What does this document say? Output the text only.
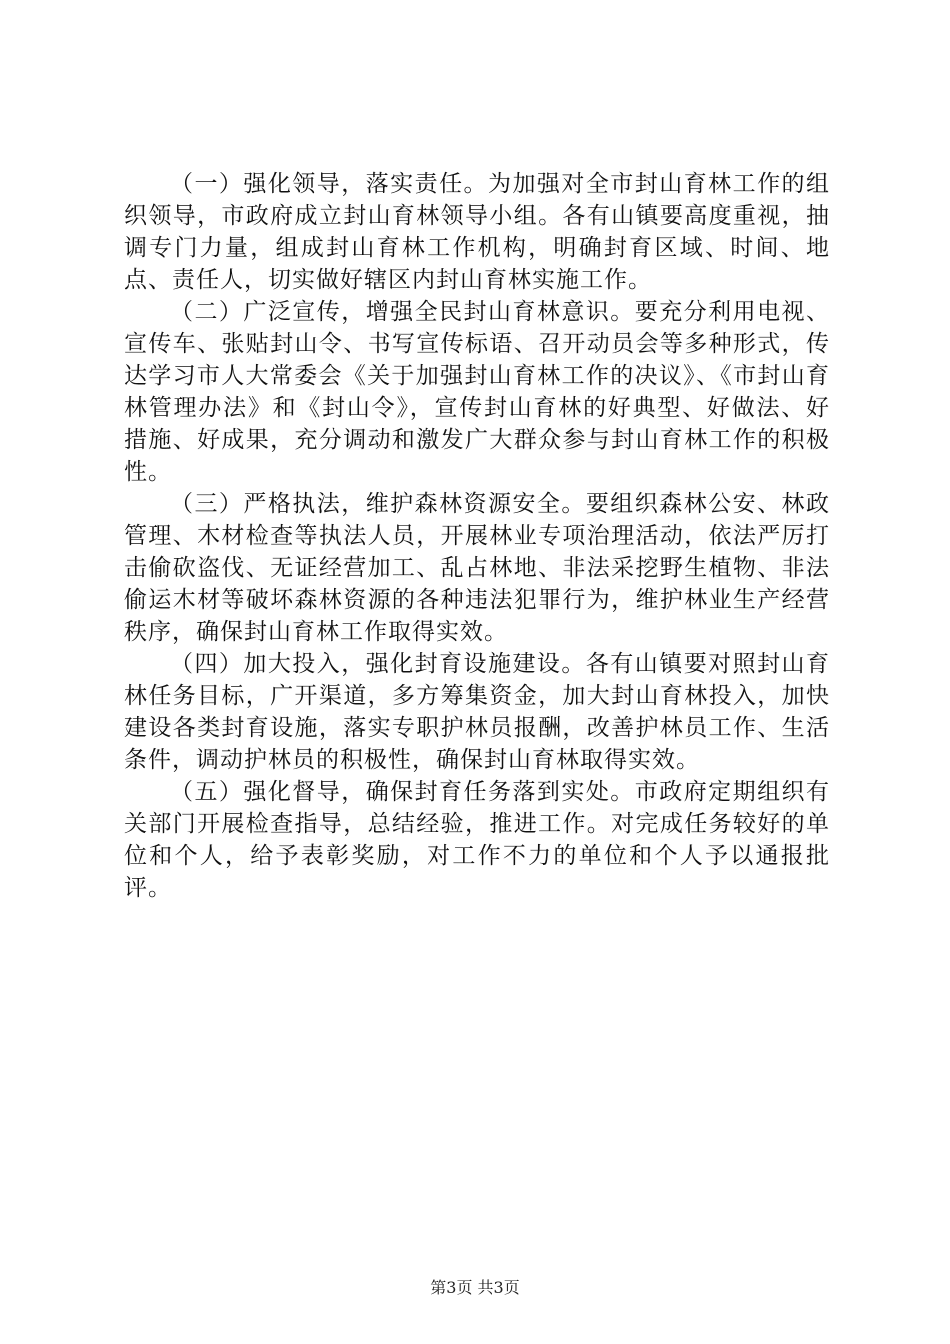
（一）强化领导，落实责任。为加强对全市封山育林工作的组织领导，市政府成立封山育林领导小组。各有山镇要高度重视，抽调专门力量，组成封山育林工作机构，明确封育区域、时间、地点、责任人，切实做好辖区内封山育林实施工作。

（二）广泛宣传，增强全民封山育林意识。要充分利用电视、宣传车、张贴封山令、书写宣传标语、召开动员会等多种形式，传达学习市人大常委会《关于加强封山育林工作的决议》、《市封山育林管理办法》和《封山令》，宣传封山育林的好典型、好做法、好措施、好成果，充分调动和激发广大群众参与封山育林工作的积极性。

（三）严格执法，维护森林资源安全。要组织森林公安、林政管理、木材检查等执法人员，开展林业专项治理活动，依法严厉打击偷砍盗伐、无证经营加工、乱占林地、非法采挖野生植物、非法偷运木材等破坏森林资源的各种违法犯罪行为，维护林业生产经营秩序，确保封山育林工作取得实效。

（四）加大投入，强化封育设施建设。各有山镇要对照封山育林任务目标，广开渠道，多方筹集资金，加大封山育林投入，加快建设各类封育设施，落实专职护林员报酬，改善护林员工作、生活条件，调动护林员的积极性，确保封山育林取得实效。

（五）强化督导，确保封育任务落到实处。市政府定期组织有关部门开展检查指导，总结经验，推进工作。对完成任务较好的单位和个人，给予表彰奖励，对工作不力的单位和个人予以通报批评。

第3页 共3页
